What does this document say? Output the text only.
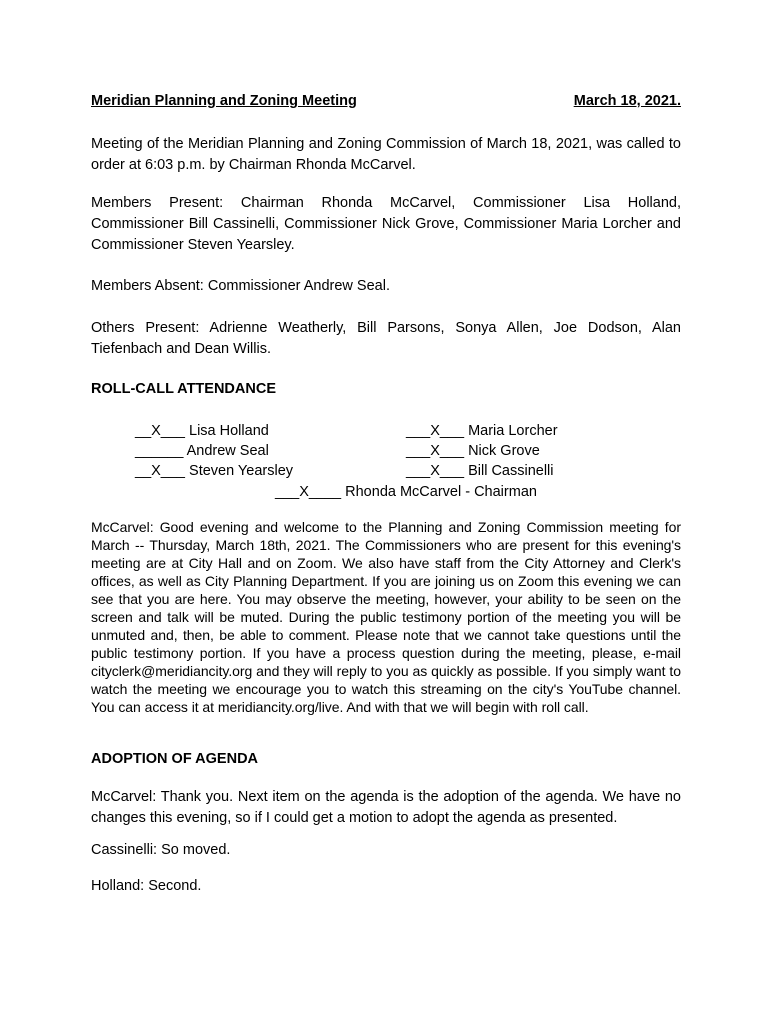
Meridian Planning and Zoning Meeting	March 18, 2021.

Meeting of the Meridian Planning and Zoning Commission of March 18, 2021, was called to order at 6:03 p.m. by Chairman Rhonda McCarvel.

Members Present: Chairman Rhonda McCarvel, Commissioner Lisa Holland, Commissioner Bill Cassinelli, Commissioner Nick Grove, Commissioner Maria Lorcher and Commissioner Steven Yearsley.

Members Absent: Commissioner Andrew Seal.

Others Present: Adrienne Weatherly, Bill Parsons, Sonya Allen, Joe Dodson, Alan Tiefenbach and Dean Willis.

ROLL-CALL ATTENDANCE

__X___ Lisa Holland

______ Andrew Seal

__X___ Steven Yearsley

___X___ Maria Lorcher

___X___ Nick Grove

___X___ Bill Cassinelli

___X____ Rhonda McCarvel - Chairman

McCarvel: Good evening and welcome to the Planning and Zoning Commission meeting for March -- Thursday, March 18th, 2021. The Commissioners who are present for this evening's meeting are at City Hall and on Zoom. We also have staff from the City Attorney and Clerk's offices, as well as City Planning Department. If you are joining us on Zoom this evening we can see that you are here. You may observe the meeting, however, your ability to be seen on the screen and talk will be muted. During the public testimony portion of the meeting you will be unmuted and, then, be able to comment. Please note that we cannot take questions until the public testimony portion. If you have a process question during the meeting, please, e-mail cityclerk@meridiancity.org and they will reply to you as quickly as possible. If you simply want to watch the meeting we encourage you to watch this streaming on the city's YouTube channel. You can access it at meridiancity.org/live. And with that we will begin with roll call.

ADOPTION OF AGENDA

McCarvel: Thank you. Next item on the agenda is the adoption of the agenda. We have no changes this evening, so if I could get a motion to adopt the agenda as presented.

Cassinelli: So moved.

Holland: Second.
